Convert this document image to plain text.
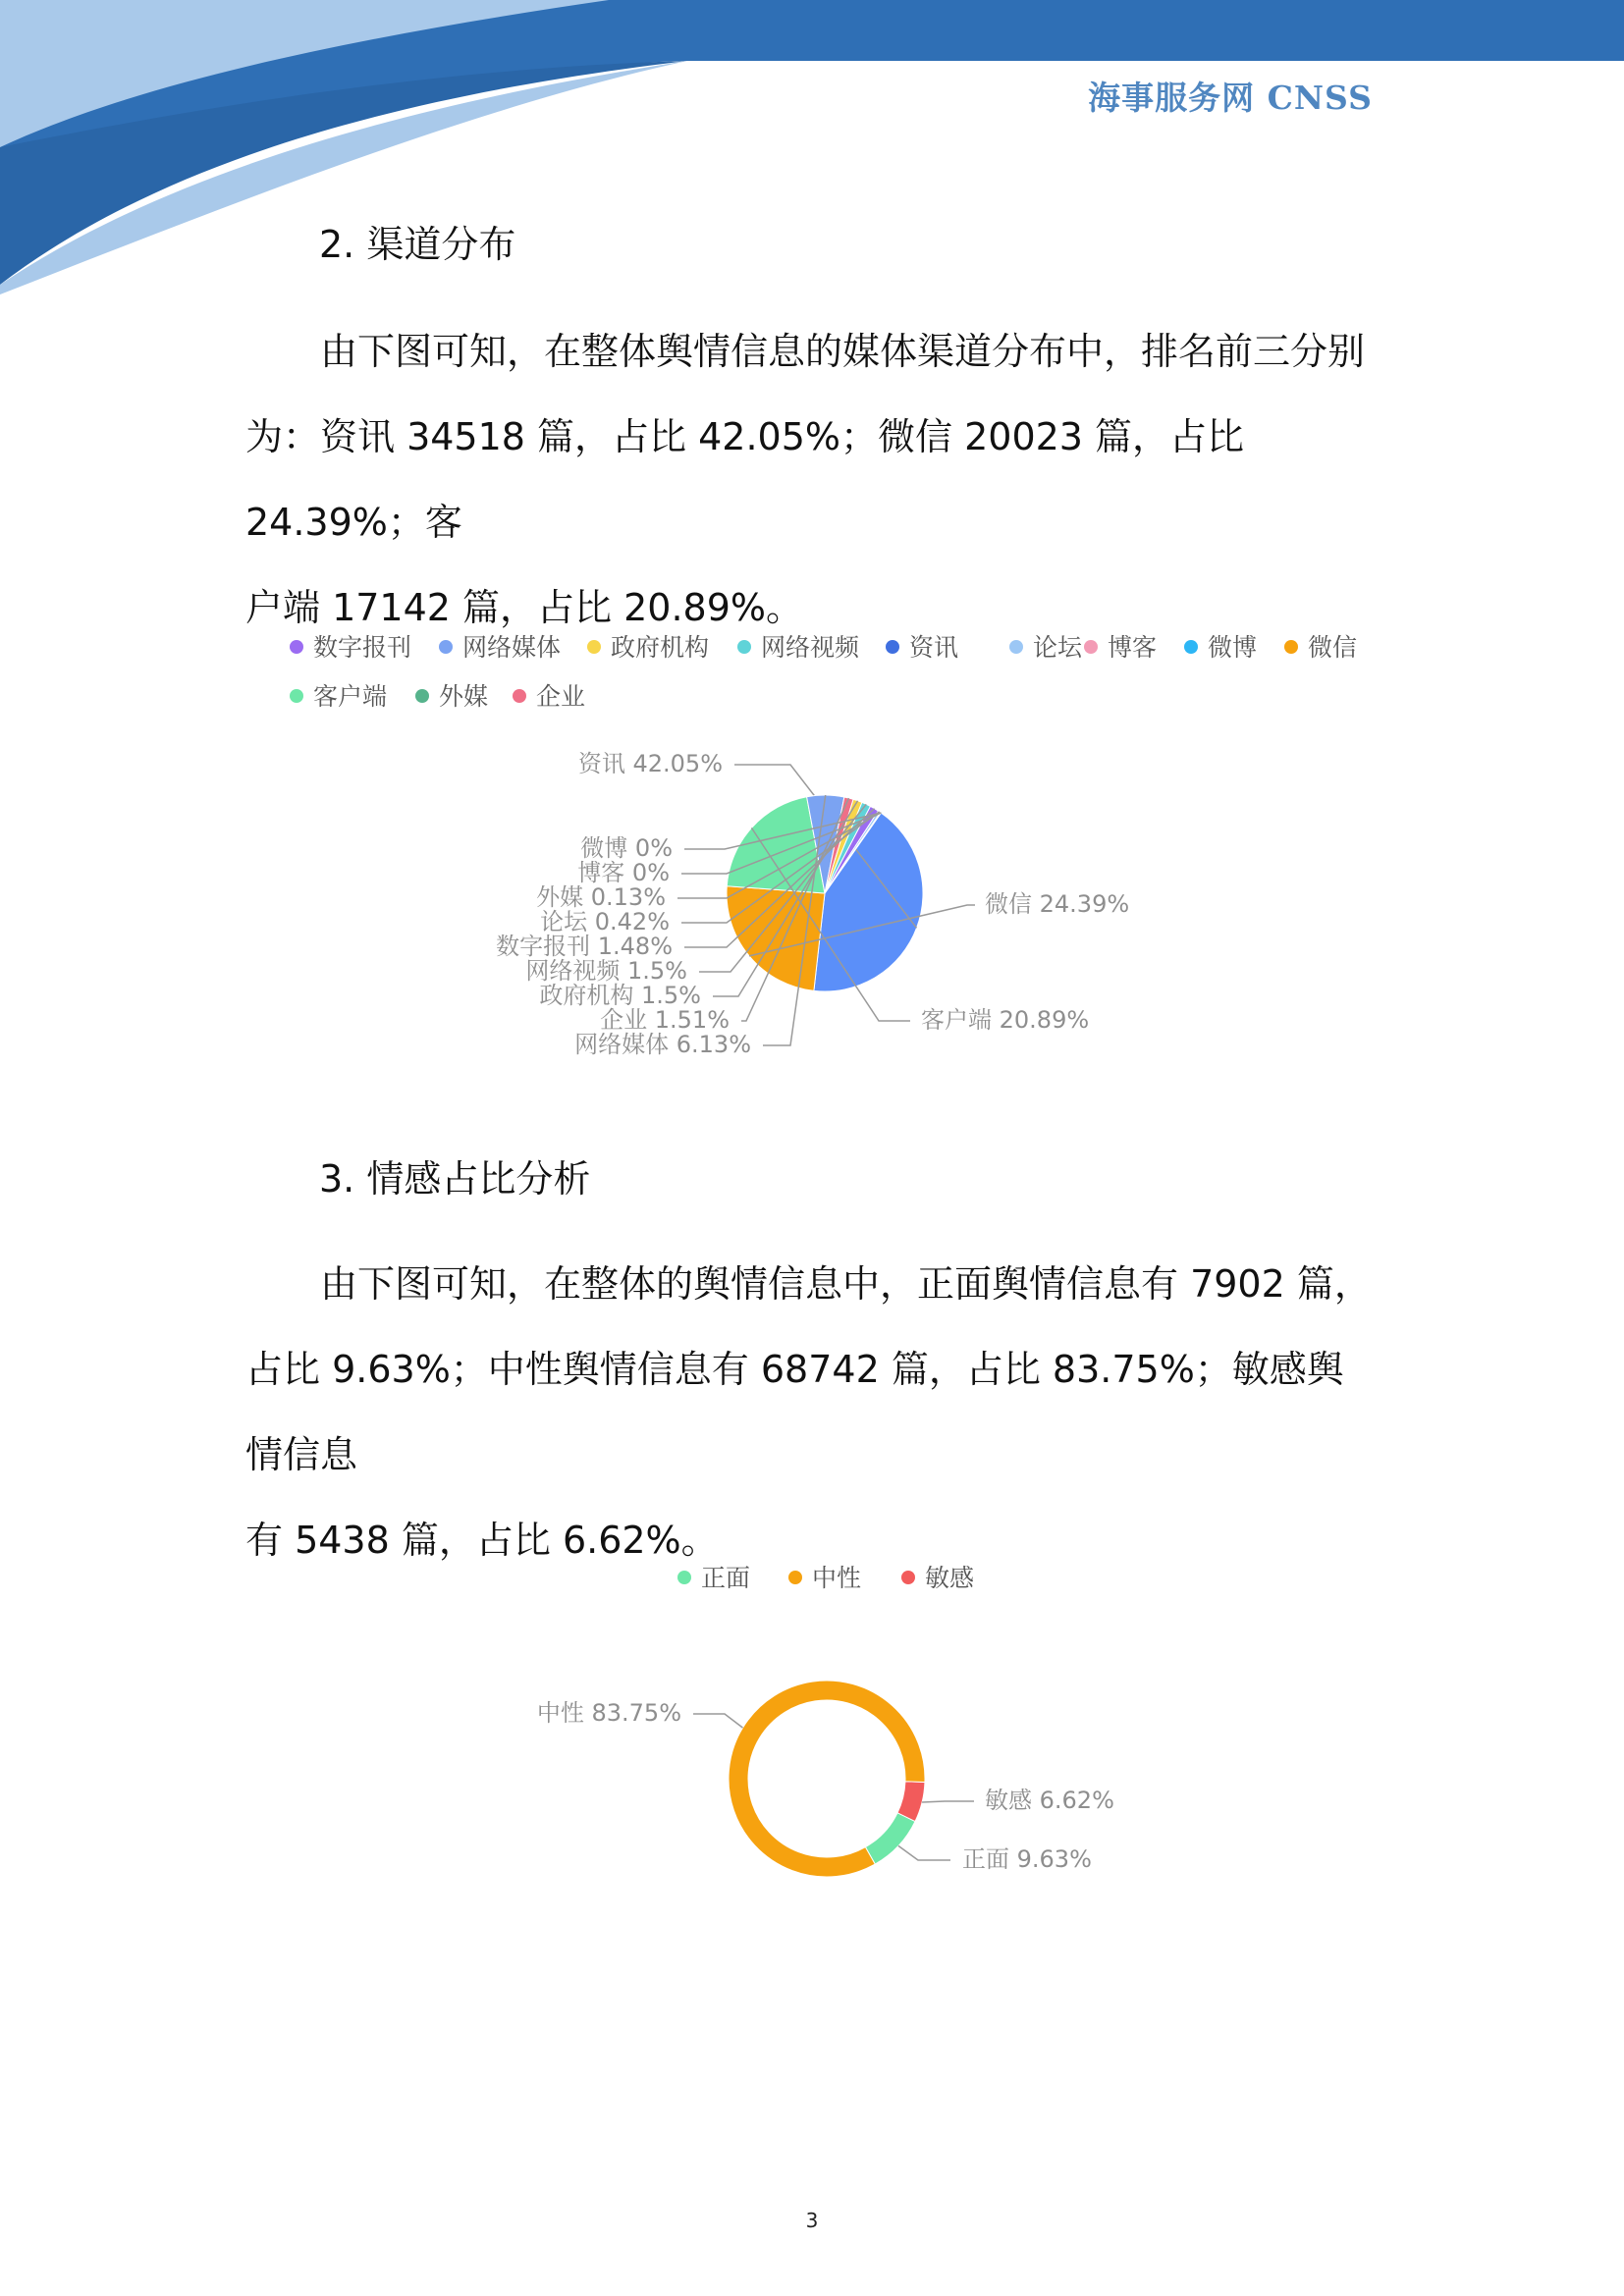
海事服务网 CNSS
2. 渠道分布
由下图可知，在整体舆情信息的媒体渠道分布中，排名前三分别
为：资讯 34518 篇，占比 42.05%；微信 20023 篇，占比 24.39%；客
户端 17142 篇，占比 20.89%。
数字报刊	网络媒体	政府机构	网络视频	资讯	论坛	博客	微博	微信
客户端	外媒	企业
资讯 42.05%
微信 24.39%
客户端 20.89%
网络媒体 6.13%
企业 1.51%
政府机构 1.5%
网络视频 1.5%
数字报刊 1.48%
论坛 0.42%
外媒 0.13%
博客 0%
微博 0%
3. 情感占比分析
由下图可知，在整体的舆情信息中，正面舆情信息有 7902 篇，
占比 9.63%；中性舆情信息有 68742 篇，占比 83.75%；敏感舆情信息
有 5438 篇，占比 6.62%。
正面	中性	敏感
敏感 6.62%
正面 9.63%
中性 83.75%
3
